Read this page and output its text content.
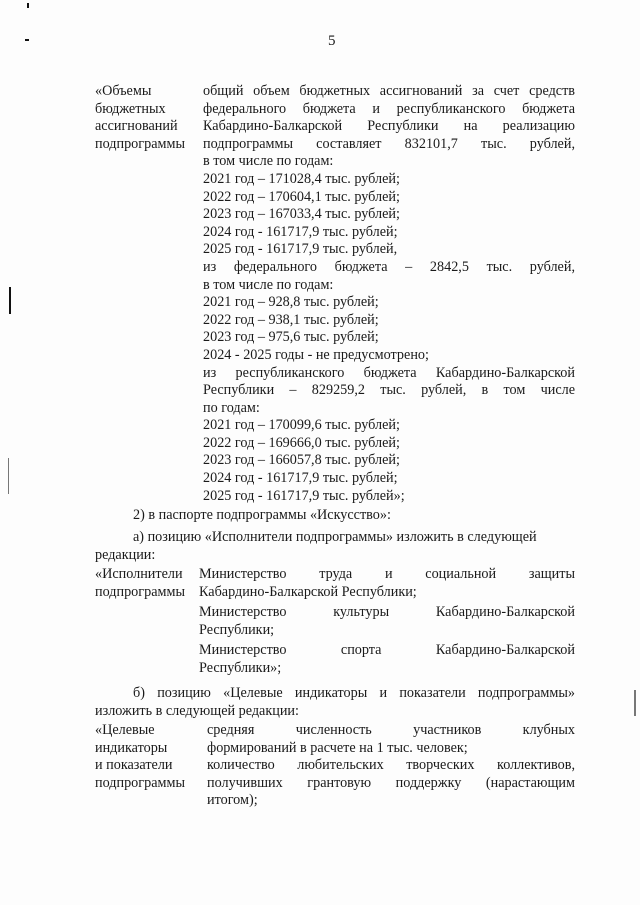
5
«Объемы
бюджетных
ассигнований
подпрограммы
общий объем бюджетных ассигнований за счет средств
федерального бюджета и республиканского бюджета
Кабардино-Балкарской Республики на реализацию
подпрограммы составляет 832101,7 тыс. рублей,
в том числе по годам:
2021 год – 171028,4 тыс. рублей;
2022 год – 170604,1 тыс. рублей;
2023 год – 167033,4 тыс. рублей;
2024 год - 161717,9 тыс. рублей;
2025 год - 161717,9 тыс. рублей,
из федерального бюджета – 2842,5 тыс. рублей,
в том числе по годам:
2021 год – 928,8 тыс. рублей;
2022 год – 938,1 тыс. рублей;
2023 год – 975,6 тыс. рублей;
2024 - 2025 годы - не предусмотрено;
из республиканского бюджета Кабардино-Балкарской
Республики – 829259,2 тыс. рублей, в том числе
по годам:
2021 год – 170099,6 тыс. рублей;
2022 год – 169666,0 тыс. рублей;
2023 год – 166057,8 тыс. рублей;
2024 год - 161717,9 тыс. рублей;
2025 год - 161717,9 тыс. рублей»;
2) в паспорте подпрограммы «Искусство»:
а) позицию «Исполнители подпрограммы» изложить в следующей
редакции:
«Исполнители
подпрограммы
Министерство труда и социальной защиты
Кабардино-Балкарской Республики;
Министерство культуры Кабардино-Балкарской
Республики;
Министерство спорта Кабардино-Балкарской
Республики»;
б) позицию «Целевые индикаторы и показатели подпрограммы»
изложить в следующей редакции:
«Целевые
индикаторы
и показатели
подпрограммы
средняя численность участников клубных
формирований в расчете на 1 тыс. человек;
количество любительских творческих коллективов,
получивших грантовую поддержку (нарастающим
итогом);
